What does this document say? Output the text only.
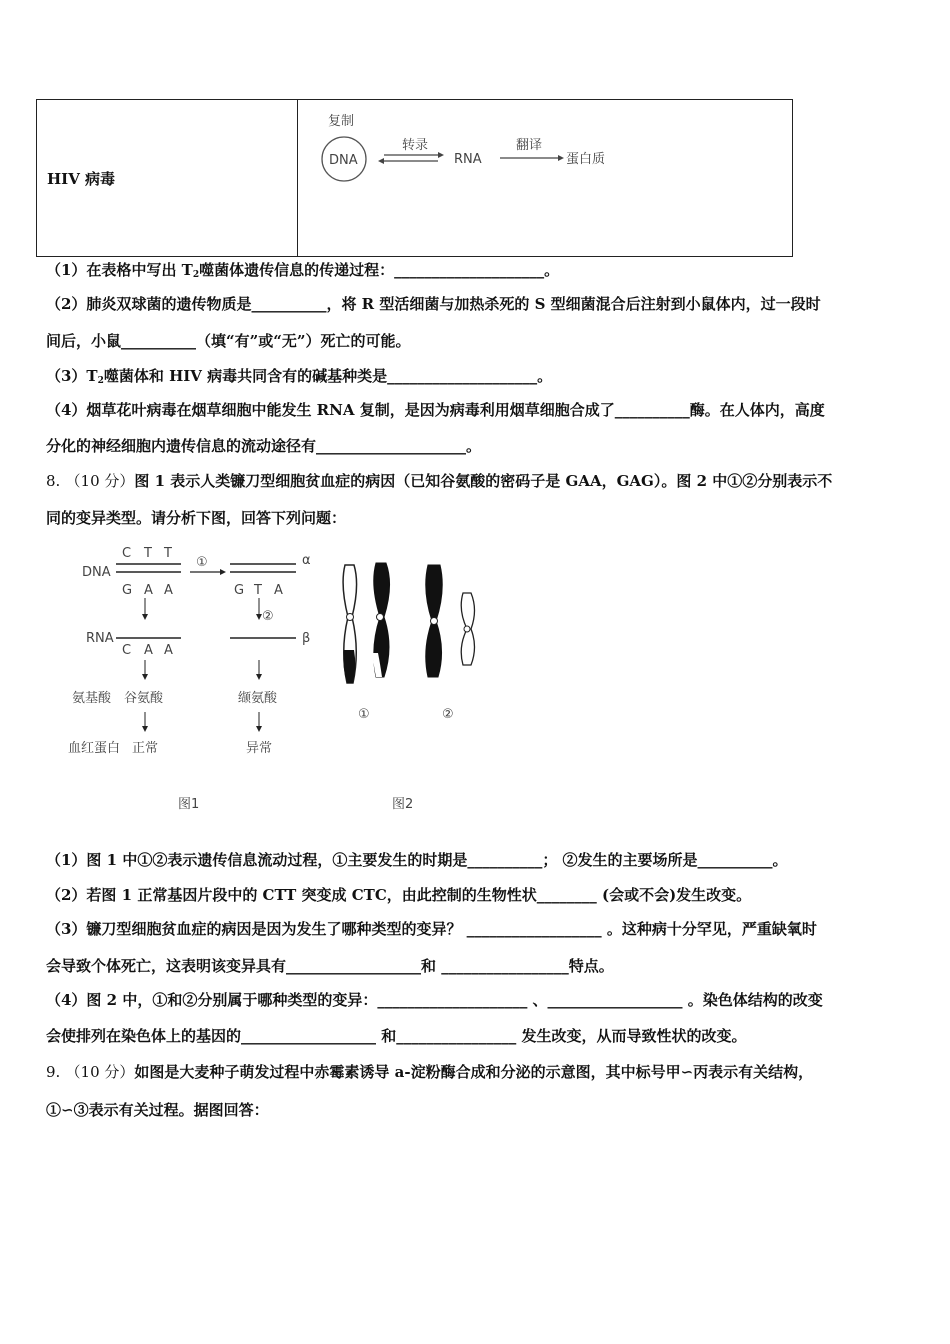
HIV 病毒	
复制
DNA
转录
RNA
翻译
蛋白质
（1）在表格中写出 $T_2$噬菌体遗传信息的传递过程：____________________。
（2）肺炎双球菌的遗传物质是__________，将 R 型活细菌与加热杀死的 S 型细菌混合后注射到小鼠体内，过一段时
间后，小鼠__________（填“有”或“无”）死亡的可能。
$(3)T_2$噬菌体和 HIV 病毒共同含有的碱基种类是____________________。
（4）烟草花叶病毒在烟草细胞中能发生 RNA 复制，是因为病毒利用烟草细胞合成了__________酶。在人体内，高度
分化的神经细胞内遗传信息的流动途径有____________________。
8. （10 分）图 1 表示人类镰刀型细胞贫血症的病因（已知谷氨酸的密码子是 GAA，GAG）。图 2 中①②分别表示不
同的变异类型。请分析下图，回答下列问题：
DNA
C T T
G A A
①	α
G T A
②
RNA	β
C A A
氨基酸 谷氨酸	缬氨酸
血红蛋白 正常	异常
图1
①	②
图2
（1）图 1 中①②表示遗传信息流动过程，①主要发生的时期是__________； ②发生的主要场所是__________。
（2）若图 1 正常基因片段中的 CTT 突变成 CTC，由此控制的生物性状________ (会或不会)发生改变。
（3）镰刀型细胞贫血症的病因是因为发生了哪种类型的变异？ __________________ 。这种病十分罕见，严重缺氧时
会导致个体死亡，这表明该变异具有__________________和 _________________特点。
（4）图 2 中，①和②分别属于哪种类型的变异：____________________ 、__________________ 。染色体结构的改变
会使排列在染色体上的基因的__________________ 和________________ 发生改变，从而导致性状的改变。
9. （10 分）如图是大麦种子萌发过程中赤霉素诱导 a-淀粉酶合成和分泌的示意图，其中标号甲∽丙表示有关结构，
①∽③表示有关过程。据图回答：
